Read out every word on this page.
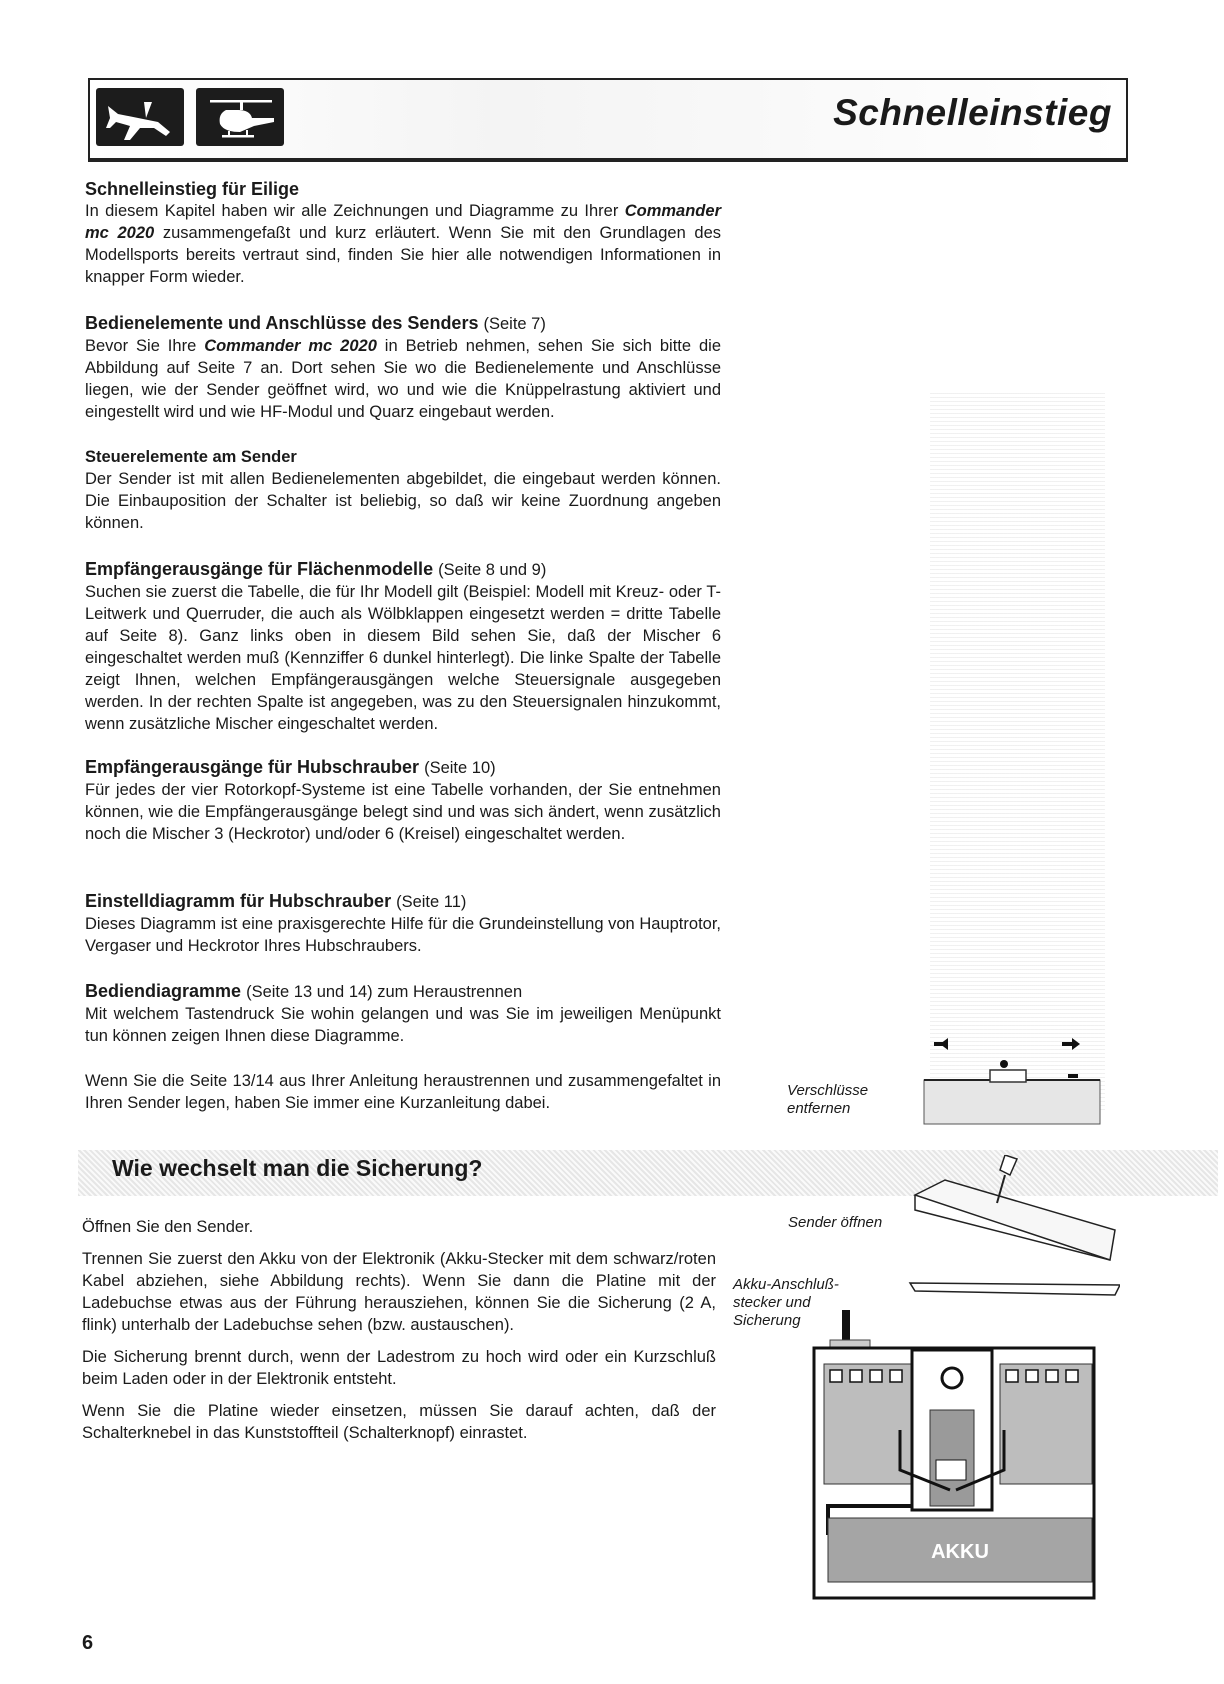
Schnelleinstieg
Schnelleinstieg für Eilige

In diesem Kapitel haben wir alle Zeichnungen und Diagramme zu Ihrer Commander mc 2020 zusammengefaßt und kurz erläutert. Wenn Sie mit den Grundlagen des Modellsports bereits vertraut sind, finden Sie hier alle notwendigen Informationen in knapper Form wieder.

Bedienelemente und Anschlüsse des Senders (Seite 7)

Bevor Sie Ihre Commander mc 2020 in Betrieb nehmen, sehen Sie sich bitte die Abbildung auf Seite 7 an. Dort sehen Sie wo die Bedienelemente und Anschlüsse liegen, wie der Sender geöffnet wird, wo und wie die Knüppelrastung aktiviert und eingestellt wird und wie HF-Modul und Quarz eingebaut werden.

Steuerelemente am Sender

Der Sender ist mit allen Bedienelementen abgebildet, die eingebaut werden können. Die Einbauposition der Schalter ist beliebig, so daß wir keine Zuordnung angeben können.

Empfängerausgänge für Flächenmodelle (Seite 8 und 9)

Suchen sie zuerst die Tabelle, die für Ihr Modell gilt (Beispiel: Modell mit Kreuz- oder T-Leitwerk und Querruder, die auch als Wölbklappen eingesetzt werden = dritte Tabelle auf Seite 8). Ganz links oben in diesem Bild sehen Sie, daß der Mischer 6 eingeschaltet werden muß (Kennziffer 6 dunkel hinterlegt). Die linke Spalte der Tabelle zeigt Ihnen, welchen Empfängerausgängen welche Steuersignale ausgegeben werden. In der rechten Spalte ist angegeben, was zu den Steuersignalen hinzukommt, wenn zusätzliche Mischer eingeschaltet werden.

Empfängerausgänge für Hubschrauber (Seite 10)

Für jedes der vier Rotorkopf-Systeme ist eine Tabelle vorhanden, der Sie entnehmen können, wie die Empfängerausgänge belegt sind und was sich ändert, wenn zusätzlich noch die Mischer 3 (Heckrotor) und/oder 6 (Kreisel) eingeschaltet werden.

Einstelldiagramm für Hubschrauber (Seite 11)

Dieses Diagramm ist eine praxisgerechte Hilfe für die Grundeinstellung von Hauptrotor, Vergaser und Heckrotor Ihres Hubschraubers.

Bediendiagramme (Seite 13 und 14) zum Heraustrennen

Mit welchem Tastendruck Sie wohin gelangen und was Sie im jeweiligen Menüpunkt tun können zeigen Ihnen diese Diagramme.

Wenn Sie die Seite 13/14 aus Ihrer Anleitung heraustrennen und zusammengefaltet in Ihren Sender legen, haben Sie immer eine Kurzanleitung dabei.

Wie wechselt man die Sicherung?

Öffnen Sie den Sender.

Trennen Sie zuerst den Akku von der Elektronik (Akku-Stecker mit dem schwarz/roten Kabel abziehen, siehe Abbildung rechts). Wenn Sie dann die Platine mit der Ladebuchse etwas aus der Führung herausziehen, können Sie die Sicherung (2 A, flink) unterhalb der Ladebuchse sehen (bzw. austauschen).

Die Sicherung brennt durch, wenn der Ladestrom zu hoch wird oder ein Kurzschluß beim Laden oder in der Elektronik entsteht.

Wenn Sie die Platine wieder einsetzen, müssen Sie darauf achten, daß der Schalterknebel in das Kunststoffteil (Schalterknopf) einrastet.

Verschlüsse
entfernen
Sender öffnen
Akku-Anschluß-
stecker und
Sicherung
AKKU
6
